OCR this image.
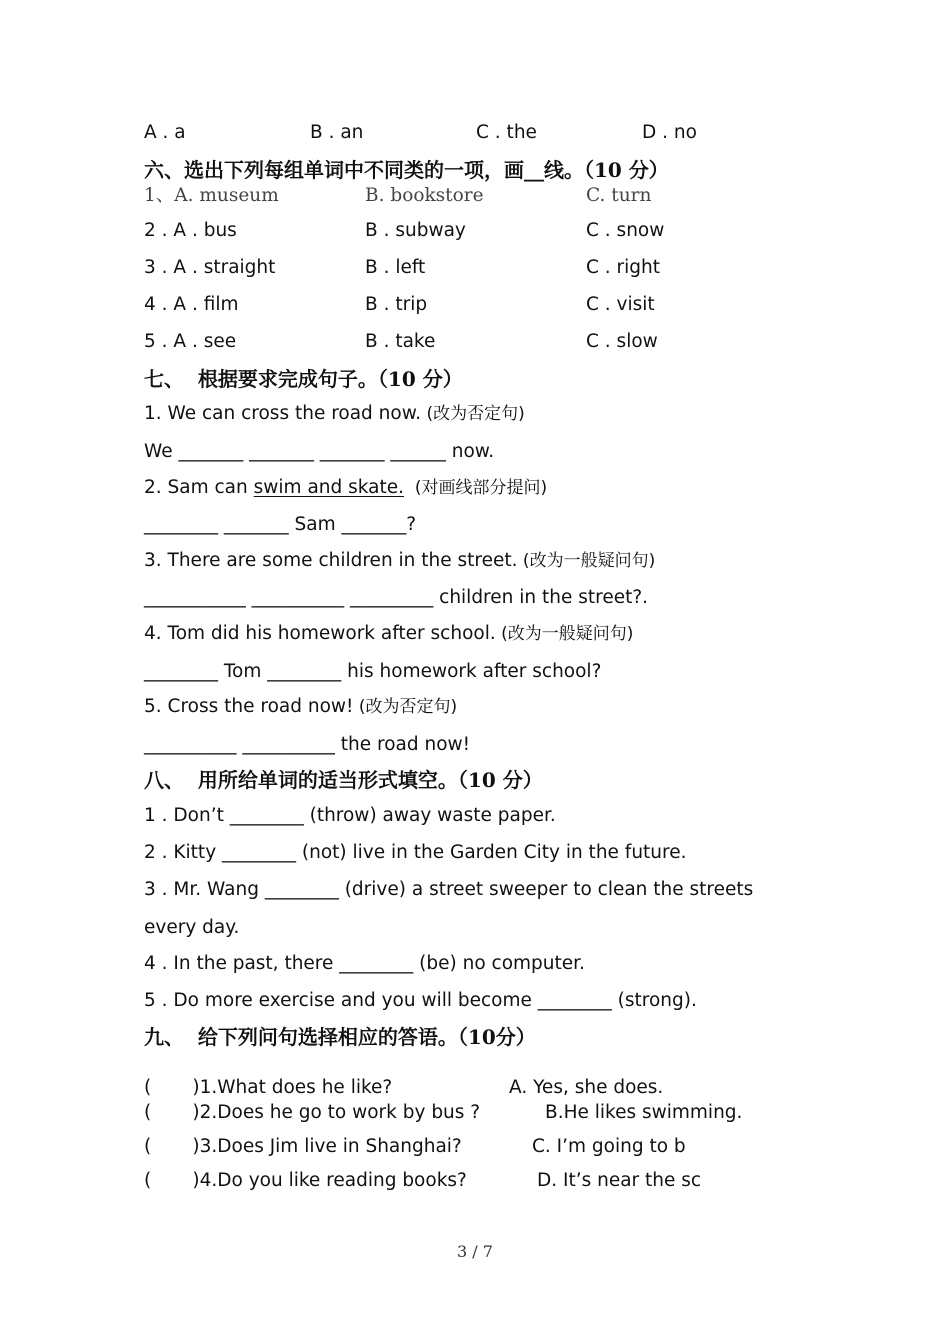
A . a	B . an	C . the	D . no
六、选出下列每组单词中不同类的一项，画__线。（10 分）
1、A. museum	B. bookstore	C. turn
2 . A . bus	B . subway	C . snow
3 . A . straight	B . left	C . right
4 . A . film	B . trip	C . visit
5 . A . see	B . take	C . slow
七、  根据要求完成句子。（10 分）
1. We can cross the road now. (改为否定句)
We _______ _______ _______ ______ now.
2. Sam can swim and skate.  (对画线部分提问)
________ _______ Sam _______?
3. There are some children in the street. (改为一般疑问句)
___________ __________ _________ children in the street?.
4. Tom did his homework after school. (改为一般疑问句)
________ Tom ________ his homework after school?
5. Cross the road now! (改为否定句)
__________ __________ the road now!
八、  用所给单词的适当形式填空。（10 分）
1 . Don’t ________ (throw) away waste paper.
2 . Kitty ________ (not) live in the Garden City in the future.
3 . Mr. Wang ________ (drive) a street sweeper to clean the streets
every day.
4 . In the past, there ________ (be) no computer.
5 . Do more exercise and you will become ________ (strong).
九、  给下列问句选择相应的答语。（10分）
(       )1.What does he like?	A. Yes, she does.
(       )2.Does he go to work by bus ?	B.He likes swimming.
(       )3.Does Jim live in Shanghai?	C. I’m going to b
(       )4.Do you like reading books?	D. It’s near the sc
3 / 7
